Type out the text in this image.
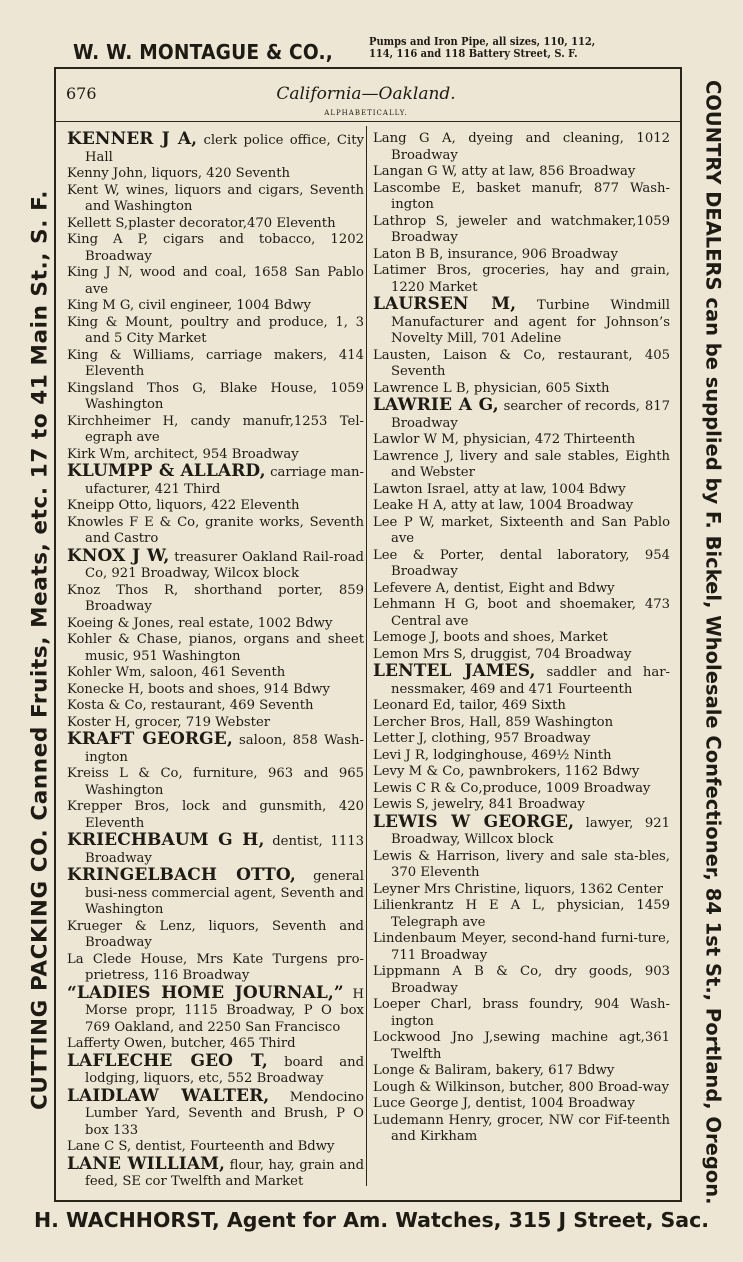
W. W. MONTAGUE & CO.,	Pumps and Iron Pipe, all sizes, 110, 112,
114, 116 and 118 Battery Street, S. F.
CUTTING PACKING CO. Canned Fruits, Meats, etc. 17 to 41 Main St., S. F.	COUNTRY DEALERS can be supplied by F. Bickel, Wholesale Confectioner, 84 1st St., Portland, Oregon.
676	California—Oakland.
ALPHABETICALLY.
KENNER J A, clerk police office, City Hall
Kenny John, liquors, 420 Seventh
Kent W, wines, liquors and cigars, Seventh and Washington
Kellett S,plaster decorator,470 Eleventh
King A P, cigars and tobacco, 1202 Broadway
King J N, wood and coal, 1658 San Pablo ave
King M G, civil engineer, 1004 Bdwy
King & Mount, poultry and produce, 1, 3 and 5 City Market
King & Williams, carriage makers, 414 Eleventh
Kingsland Thos G, Blake House, 1059 Washington
Kirchheimer H, candy manufr,1253 Tel-egraph ave
Kirk Wm, architect, 954 Broadway
KLUMPP & ALLARD, carriage man-ufacturer, 421 Third
Kneipp Otto, liquors, 422 Eleventh
Knowles F E & Co, granite works, Seventh and Castro
KNOX J W, treasurer Oakland Rail-road Co, 921 Broadway, Wilcox block
Knoz Thos R, shorthand porter, 859 Broadway
Koeing & Jones, real estate, 1002 Bdwy
Kohler & Chase, pianos, organs and sheet music, 951 Washington
Kohler Wm, saloon, 461 Seventh
Konecke H, boots and shoes, 914 Bdwy
Kosta & Co, restaurant, 469 Seventh
Koster H, grocer, 719 Webster
KRAFT GEORGE, saloon, 858 Wash-ington
Kreiss L & Co, furniture, 963 and 965 Washington
Krepper Bros, lock and gunsmith, 420 Eleventh
KRIECHBAUM G H, dentist, 1113 Broadway
KRINGELBACH OTTO, general busi-ness commercial agent, Seventh and Washington
Krueger & Lenz, liquors, Seventh and Broadway
La Clede House, Mrs Kate Turgens pro-prietress, 116 Broadway
“LADIES HOME JOURNAL,” H Morse propr, 1115 Broadway, P O box 769 Oakland, and 2250 San Francisco
Lafferty Owen, butcher, 465 Third
LAFLECHE GEO T, board and lodging, liquors, etc, 552 Broadway
LAIDLAW WALTER, Mendocino Lumber Yard, Seventh and Brush, P O box 133
Lane C S, dentist, Fourteenth and Bdwy
LANE WILLIAM, flour, hay, grain and feed, SE cor Twelfth and Market
Lang G A, dyeing and cleaning, 1012 Broadway
Langan G W, atty at law, 856 Broadway
Lascombe E, basket manufr, 877 Wash-ington
Lathrop S, jeweler and watchmaker,1059 Broadway
Laton B B, insurance, 906 Broadway
Latimer Bros, groceries, hay and grain, 1220 Market
LAURSEN M, Turbine Windmill Manufacturer and agent for Johnson’s Novelty Mill, 701 Adeline
Lausten, Laison & Co, restaurant, 405 Seventh
Lawrence L B, physician, 605 Sixth
LAWRIE A G, searcher of records, 817 Broadway
Lawlor W M, physician, 472 Thirteenth
Lawrence J, livery and sale stables, Eighth and Webster
Lawton Israel, atty at law, 1004 Bdwy
Leake H A, atty at law, 1004 Broadway
Lee P W, market, Sixteenth and San Pablo ave
Lee & Porter, dental laboratory, 954 Broadway
Lefevere A, dentist, Eight and Bdwy
Lehmann H G, boot and shoemaker, 473 Central ave
Lemoge J, boots and shoes, Market
Lemon Mrs S, druggist, 704 Broadway
LENTEL JAMES, saddler and har-nessmaker, 469 and 471 Fourteenth
Leonard Ed, tailor, 469 Sixth
Lercher Bros, Hall, 859 Washington
Letter J, clothing, 957 Broadway
Levi J R, lodginghouse, 469½ Ninth
Levy M & Co, pawnbrokers, 1162 Bdwy
Lewis C R & Co,produce, 1009 Broadway
Lewis S, jewelry, 841 Broadway
LEWIS W GEORGE, lawyer, 921 Broadway, Willcox block
Lewis & Harrison, livery and sale sta-bles, 370 Eleventh
Leyner Mrs Christine, liquors, 1362 Center
Lilienkrantz H E A L, physician, 1459 Telegraph ave
Lindenbaum Meyer, second-hand furni-ture, 711 Broadway
Lippmann A B & Co, dry goods, 903 Broadway
Loeper Charl, brass foundry, 904 Wash-ington
Lockwood Jno J,sewing machine agt,361 Twelfth
Longe & Baliram, bakery, 617 Bdwy
Lough & Wilkinson, butcher, 800 Broad-way
Luce George J, dentist, 1004 Broadway
Ludemann Henry, grocer, NW cor Fif-teenth and Kirkham
H. WACHHORST, Agent for Am. Watches, 315 J Street, Sac.
